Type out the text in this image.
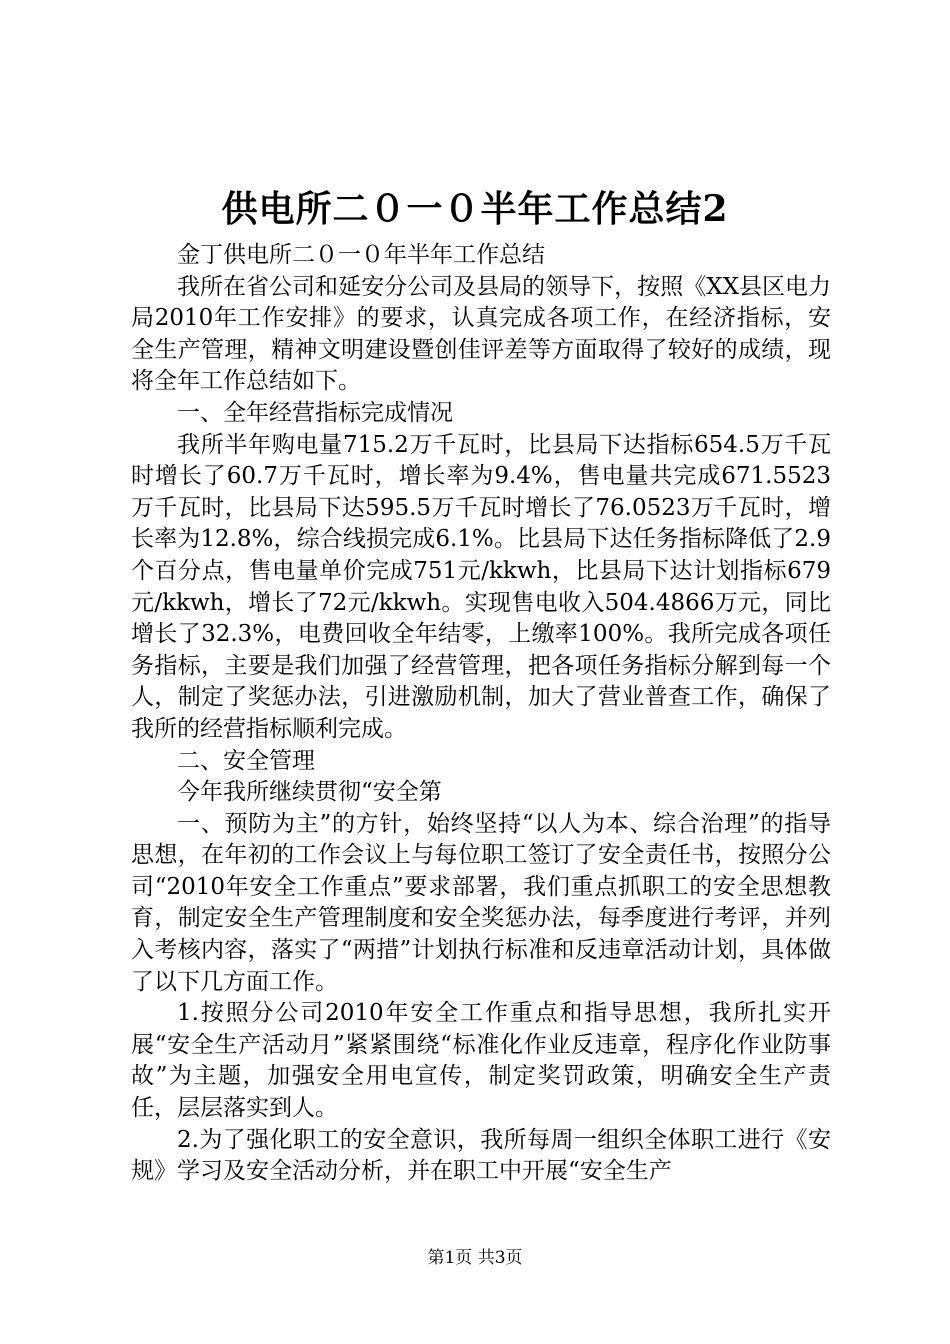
供电所二０一０半年工作总结2

金丁供电所二０一０年半年工作总结

我所在省公司和延安分公司及县局的领导下，按照《XX县区电力局2010年工作安排》的要求，认真完成各项工作，在经济指标，安全生产管理，精神文明建设暨创佳评差等方面取得了较好的成绩，现将全年工作总结如下。

一、全年经营指标完成情况

我所半年购电量715.2万千瓦时，比县局下达指标654.5万千瓦时增长了60.7万千瓦时，增长率为9.4%，售电量共完成671.5523万千瓦时，比县局下达595.5万千瓦时增长了76.0523万千瓦时，增长率为12.8%，综合线损完成6.1%。比县局下达任务指标降低了2.9个百分点，售电量单价完成751元/kkwh，比县局下达计划指标679元/kkwh，增长了72元/kkwh。实现售电收入504.4866万元，同比增长了32.3%，电费回收全年结零，上缴率100%。我所完成各项任务指标，主要是我们加强了经营管理，把各项任务指标分解到每一个人，制定了奖惩办法，引进激励机制，加大了营业普查工作，确保了我所的经营指标顺利完成。

二、安全管理

今年我所继续贯彻“安全第

一、预防为主”的方针，始终坚持“以人为本、综合治理”的指导思想，在年初的工作会议上与每位职工签订了安全责任书，按照分公司“2010年安全工作重点”要求部署，我们重点抓职工的安全思想教育，制定安全生产管理制度和安全奖惩办法，每季度进行考评，并列入考核内容，落实了“两措”计划执行标准和反违章活动计划，具体做了以下几方面工作。

1.按照分公司2010年安全工作重点和指导思想，我所扎实开展“安全生产活动月”紧紧围绕“标准化作业反违章，程序化作业防事故”为主题，加强安全用电宣传，制定奖罚政策，明确安全生产责任，层层落实到人。

2.为了强化职工的安全意识，我所每周一组织全体职工进行《安规》学习及安全活动分析，并在职工中开展“安全生产

第1页 共3页
